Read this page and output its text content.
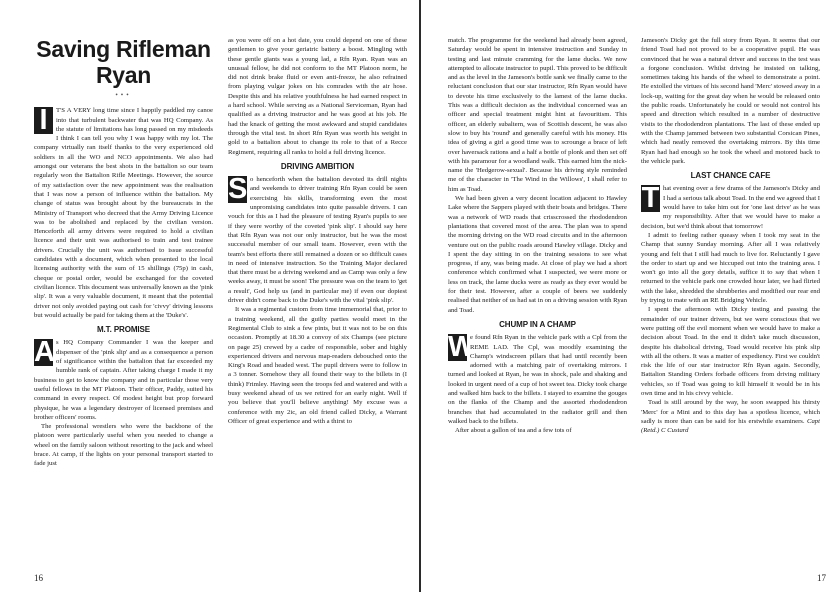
Saving Rifleman
Ryan
•••

I	T'S A VERY long time since I happily paddled my canoe into that turbulent backwater that was HQ Company. As the statute of limitations has long passed on my misdeeds I think I can tell you why I was happy with my lot. The company virtually ran itself thanks to the very experienced old soldiers in all the WO and NCO appointments. We also had amongst our veterans the best shots in the battalion so our team regularly won the Battalion Rifle Meetings. However, the source of my satisfaction over the new appointment was the realisation that I was now a person of influence within the battalion. My change of status was brought about by the bureaucrats in the Ministry of Transport who decreed that the Army Driving Licence was to be abolished and replaced by the civilian version. Henceforth all army drivers were required to hold a civilian licence and their unit was authorised to train and test trainee drivers. Crucially the unit was authorised to issue successful candidates with a document, which when presented to the local licensing authority with the sum of 15 shillings (75p) in cash, cheque or postal order, would be exchanged for the coveted civilian licence. This document was universally known as the 'pink slip'. It was a very valuable document, it meant that the potential driver not only avoided paying out cash for 'civvy' driving lessons but would actually be paid for taking them at the 'Duke's'.

M.T. PROMISE

A s HQ Company Commander I was the keeper and dispenser of the 'pink slip' and as a consequence a person of significance within the battalion that far exceeded my humble rank of captain. After taking charge I made it my business to get to know the company and in particular those very useful fellows in the MT Platoon. Their officer, Paddy, suited his command in every respect. Of modest height but prop forward physique, he was a legendary destroyer of licensed premises and brother officers' rooms.

The professional wrestlers who were the backbone of the platoon were particularly useful when you needed to change a wheel on the family saloon without resorting to the jack and wheel brace. At camp, if the lights on your personal transport started to fade just

as you were off on a hot date, you could depend on one of these gentlemen to give your geriatric battery a boost. Mingling with these gentle giants was a young lad, a Rfn Ryan. Ryan was an unusual fellow, he did not conform to the MT Platoon norm, he did not drink brake fluid or even anti-freeze, he also refrained from playing vulgar jokes on his comrades with the air hose. Despite this and his relative youthfulness he had earned respect in a hard school. While serving as a National Serviceman, Ryan had qualified as a driving instructor and he was good at his job. He had the knack of getting the most awkward and stupid candidates through the vital test. In short Rfn Ryan was worth his weight in gold to a battalion about to change its role to that of a Recce Regiment, requiring all ranks to hold a full driving licence.

DRIVING AMBITION

S o henceforth when the battalion devoted its drill nights and weekends to driver training Rfn Ryan could be seen exercising his skills, transforming even the most unpromising candidates into quite passable drivers. I can vouch for this as I had the pleasure of testing Ryan's pupils to see if they were worthy of the coveted 'pink slip'. I should say here that Rfn Ryan was not our only instructor, but he was the most successful member of our small team. However, even with the team's best efforts there still remained a dozen or so difficult cases in need of intensive instruction. So the Training Major declared that there must be a driving weekend and as Camp was only a few weeks away, it must be soon! The pressure was on the team to 'get a result', God help us (and in particular me) if even our dopiest driver didn't come back to the Duke's with the vital 'pink slip'.

It was a regimental custom from time immemorial that, prior to a training weekend, all the guilty parties would meet in the Regimental Club to sink a few pints, but it was not to be on this occasion. Promptly at 18.30 a convoy of six Champs (see picture on page 25) crewed by a cadre of responsible, sober and highly experienced drivers and nervous map-readers debouched onto the King's Road and headed west. The pupil drivers were to follow in a 3 tonner. Somehow they all found their way to the billets in (I think) Frimley. Having seen the troops fed and watered and with a busy weekend ahead of us we retired for an early night. Well if you believe that you'll believe anything! My excuse was a conference with my 2ic, an old friend called Dicky, a Warrant Officer of great experience and with a thirst to

16

match. The programme for the weekend had already been agreed, Saturday would be spent in intensive instruction and Sunday in testing and last minute cramming for the lame ducks. We now attempted to allocate instructor to pupil. This proved to be difficult and as the level in the Jameson's bottle sank we finally came to the reluctant conclusion that our star instructor, Rfn Ryan would have to devote his time exclusively to the lamest of the lame ducks. This was a difficult decision as the individual concerned was an officer and special treatment might hint at favouritism. This officer, an elderly subaltern, was of Scottish descent, he was also slow to buy his 'round' and generally careful with his money. His idea of giving a girl a good time was to scrounge a brace of left over haversack rations and a half a bottle of plonk and then set off with his paramour for a woodland walk. This earned him the nick-name the 'Hedgerow-sexual'. Because his driving style reminded me of the character in 'The Wind in the Willows', I shall refer to him as Toad.

We had been given a very decent location adjacent to Hawley Lake where the Sappers played with their boats and bridges. There was a network of WD roads that crisscrossed the rhododendron plantations that covered most of the area. The plan was to spend the morning driving on the WD road circuits and in the afternoon venture out on the public roads around Hawley village. Dicky and I spent the day sitting in on the training sessions to see what progress, if any, was being made. At close of play we had a short conference which confirmed what I suspected, we were more or less on track, the lame ducks were as ready as they ever would be for their test. However, after a couple of beers we suddenly realised that neither of us had sat in on a driving session with Ryan and Toad.

CHUMP IN A CHAMP

W
e found Rfn Ryan in the vehicle park with a Cpl from the REME LAD. The Cpl, was moodily examining the Champ's windscreen pillars that had until recently been adorned with a matching pair of overtaking mirrors. I turned and looked at Ryan, he was in shock, pale and shaking and looked in urgent need of a cup of hot sweet tea. Dicky took charge and walked him back to the billets. I stayed to examine the gouges on the flanks of the Champ and the assorted rhododendron branches that had accumulated in the radiator grill and then walked back to the billets.

After about a gallon of tea and a few tots of

Jameson's Dicky got the full story from Ryan. It seems that our friend Toad had not proved to be a cooperative pupil. He was convinced that he was a natural driver and success in the test was a forgone conclusion. Whilst driving he insisted on talking, sometimes taking his hands of the wheel to demonstrate a point. He extolled the virtues of his second hand 'Merc' stowed away in a lock-up, waiting for the great day when he would be released onto the public roads. Unfortunately he could or would not control his speed and direction which resulted in a number of destructive visits to the rhododendron plantations. The last of these ended up with the Champ jammed between two substantial Corsican Pines, which had neatly removed the overtaking mirrors. By this time Ryan had had enough so he took the wheel and motored back to the vehicle park.

LAST CHANCE CAFE

T hat evening over a few drams of the Jameson's Dicky and I had a serious talk about Toad. In the end we agreed that I would have to take him out for 'one last drive' as he was my responsibility. After that we would have to make a decision, but we'd think about that tomorrow!

I admit to feeling rather queasy when I took my seat in the Champ that sunny Sunday morning. After all I was relatively young and felt that I still had much to live for. Reluctantly I gave the order to start up and we hiccuped out into the training area. I won't go into all the gory details, suffice it to say that when I returned to the vehicle park one crowded hour later, we had flirted with the lake, shredded the shrubberies and modified our rear end by trying to mate with an RE Bridging Vehicle.

I spent the afternoon with Dicky testing and passing the remainder of our trainer drivers, but we were conscious that we were putting off the evil moment when we would have to make a decision about Toad. In the end it didn't take much discussion, despite his diabolical driving, Toad would receive his pink slip with all the others. It was a matter of expediency. First we couldn't risk the life of our star instructor Rfn Ryan again. Secondly, Battalion Standing Orders forbade officers from driving military vehicles, so if Toad was going to kill himself it would be in his own time and in his civvy vehicle.

Toad is still around by the way, he soon swapped his thirsty 'Merc' for a Mini and to this day has a spotless licence, which sadly is more than can be said for his erstwhile examiners. Capt (Retd.) C Custard

17
